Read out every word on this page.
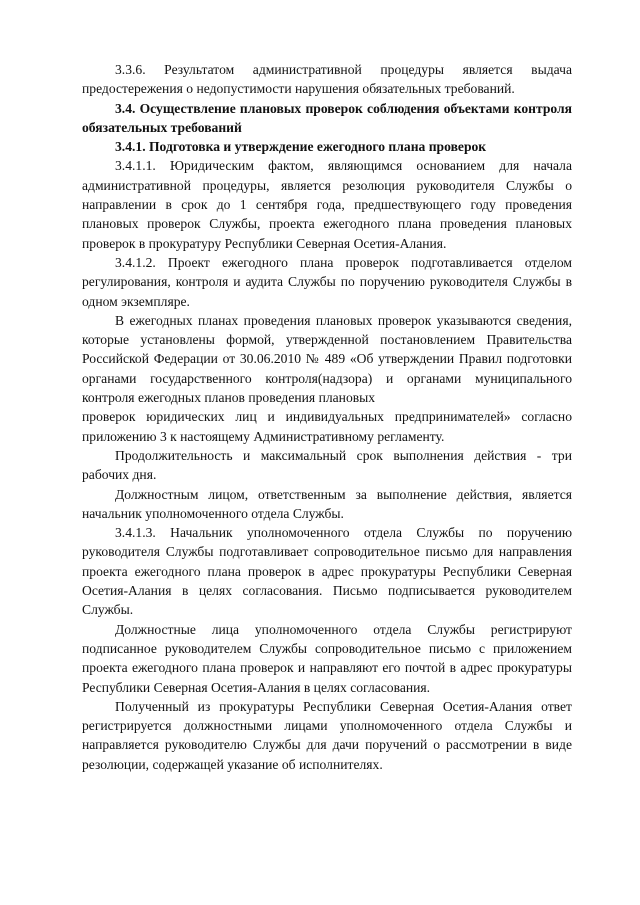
3.3.6. Результатом административной процедуры является выдача предостережения о недопустимости нарушения обязательных требований.

3.4. Осуществление плановых проверок соблюдения объектами контроля обязательных требований

3.4.1. Подготовка и утверждение ежегодного плана проверок

3.4.1.1. Юридическим фактом, являющимся основанием для начала административной процедуры, является резолюция руководителя Службы о направлении в срок до 1 сентября года, предшествующего году проведения плановых проверок Службы, проекта ежегодного плана проведения плановых проверок в прокуратуру Республики Северная Осетия-Алания.

3.4.1.2. Проект ежегодного плана проверок подготавливается отделом регулирования, контроля и аудита Службы по поручению руководителя Службы в одном экземпляре.

В ежегодных планах проведения плановых проверок указываются сведения, которые установлены формой, утвержденной постановлением Правительства Российской Федерации от 30.06.2010 № 489 «Об утверждении Правил подготовки органами государственного контроля(надзора) и органами муниципального контроля ежегодных планов проведения плановых

проверок юридических лиц и индивидуальных предпринимателей» согласно приложению 3 к настоящему Административному регламенту.

Продолжительность и максимальный срок выполнения действия - три рабочих дня.

Должностным лицом, ответственным за выполнение действия, является начальник уполномоченного отдела Службы.

3.4.1.3. Начальник уполномоченного отдела Службы по поручению руководителя Службы подготавливает сопроводительное письмо для направления проекта ежегодного плана проверок в адрес прокуратуры Республики Северная Осетия-Алания в целях согласования. Письмо подписывается руководителем Службы.

Должностные лица уполномоченного отдела Службы регистрируют подписанное руководителем Службы сопроводительное письмо с приложением проекта ежегодного плана проверок и направляют его почтой в адрес прокуратуры Республики Северная Осетия-Алания в целях согласования.

Полученный из прокуратуры Республики Северная Осетия-Алания ответ регистрируется должностными лицами уполномоченного отдела Службы и направляется руководителю Службы для дачи поручений о рассмотрении в виде резолюции, содержащей указание об исполнителях.
